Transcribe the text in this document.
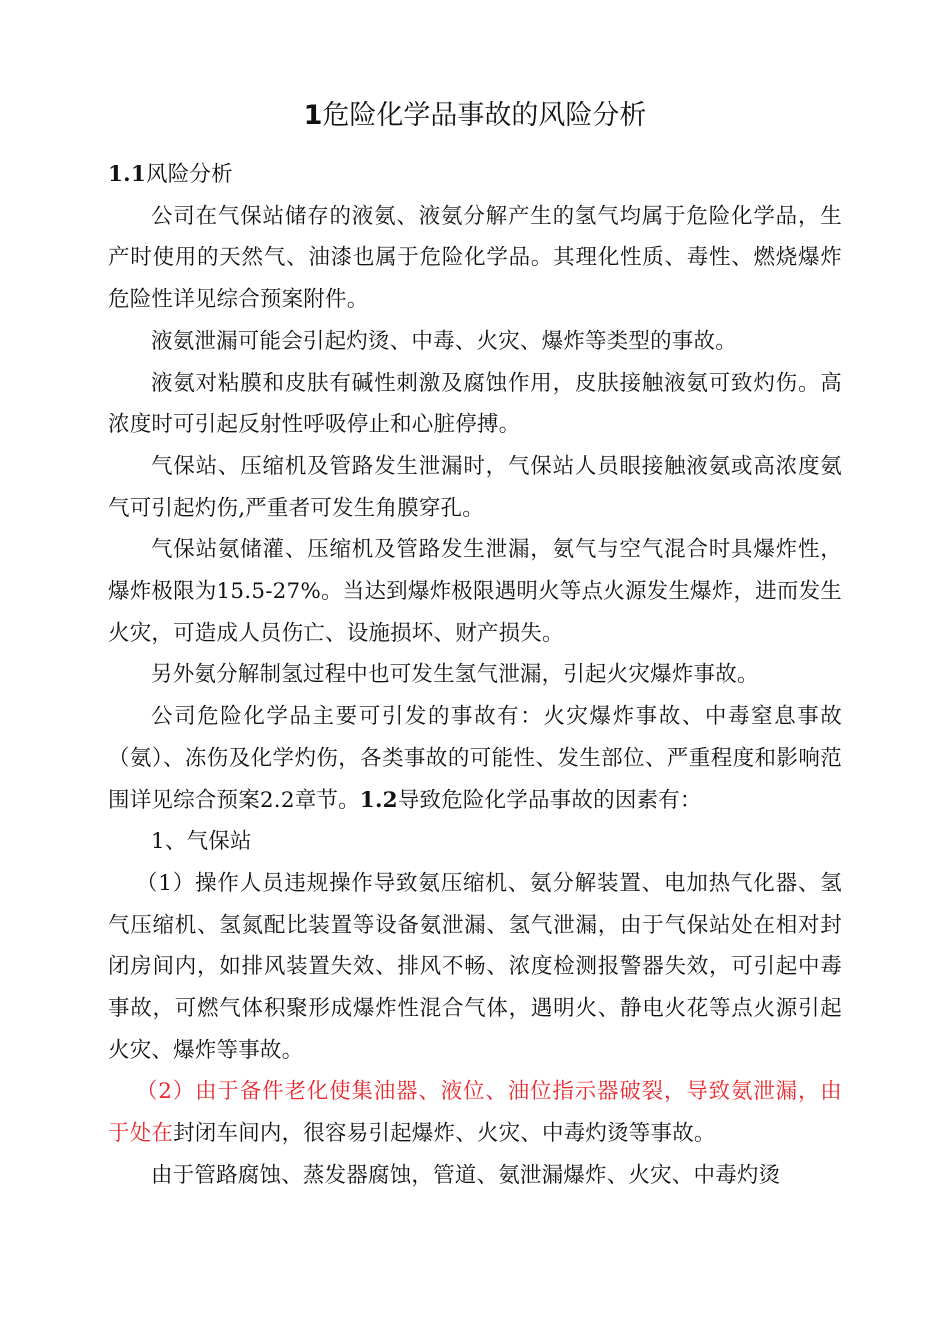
1危险化学品事故的风险分析

1.1风险分析

公司在气保站储存的液氨、液氨分解产生的氢气均属于危险化学品，生产时使用的天然气、油漆也属于危险化学品。其理化性质、毒性、燃烧爆炸危险性详见综合预案附件。

液氨泄漏可能会引起灼烫、中毒、火灾、爆炸等类型的事故。

液氨对粘膜和皮肤有碱性刺激及腐蚀作用，皮肤接触液氨可致灼伤。高浓度时可引起反射性呼吸停止和心脏停搏。

气保站、压缩机及管路发生泄漏时，气保站人员眼接触液氨或高浓度氨气可引起灼伤,严重者可发生角膜穿孔。

气保站氨储灌、压缩机及管路发生泄漏，氨气与空气混合时具爆炸性，爆炸极限为15.5-27%。当达到爆炸极限遇明火等点火源发生爆炸，进而发生火灾，可造成人员伤亡、设施损坏、财产损失。

另外氨分解制氢过程中也可发生氢气泄漏，引起火灾爆炸事故。

公司危险化学品主要可引发的事故有：火灾爆炸事故、中毒窒息事故（氨）、冻伤及化学灼伤，各类事故的可能性、发生部位、严重程度和影响范围详见综合预案2.2章节。1.2导致危险化学品事故的因素有：

1、气保站

（1）操作人员违规操作导致氨压缩机、氨分解装置、电加热气化器、氢气压缩机、氢氮配比装置等设备氨泄漏、氢气泄漏，由于气保站处在相对封闭房间内，如排风装置失效、排风不畅、浓度检测报警器失效，可引起中毒事故，可燃气体积聚形成爆炸性混合气体，遇明火、静电火花等点火源引起火灾、爆炸等事故。

（2）由于备件老化使集油器、液位、油位指示器破裂，导致氨泄漏，由于处在封闭车间内，很容易引起爆炸、火灾、中毒灼烫等事故。

由于管路腐蚀、蒸发器腐蚀，管道、氨泄漏爆炸、火灾、中毒灼烫
